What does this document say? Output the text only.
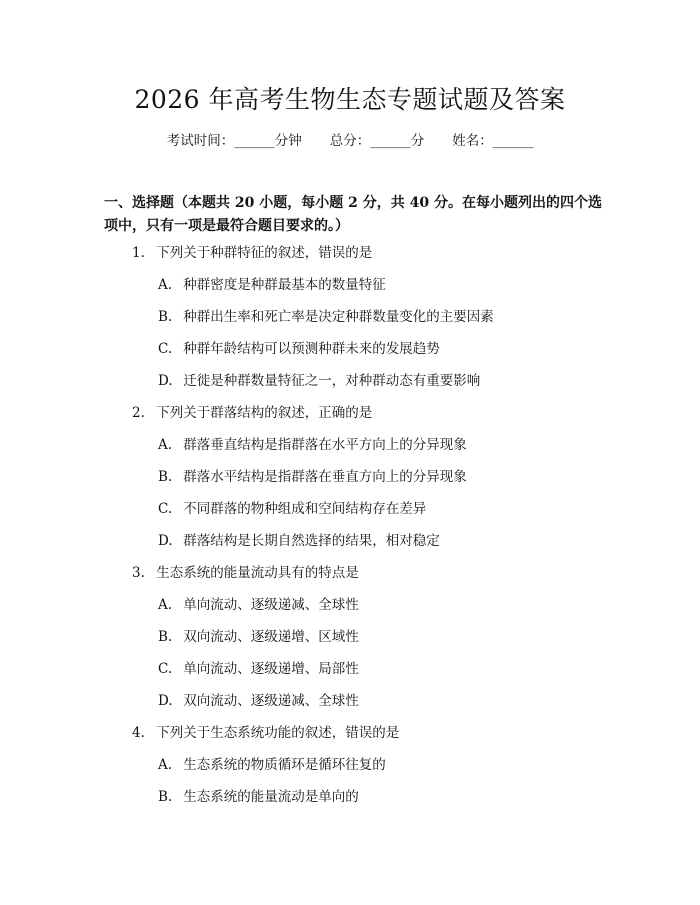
2026 年高考生物生态专题试题及答案
考试时间：______分钟 总分：______分 姓名：______
一、选择题（本题共 20 小题，每小题 2 分，共 40 分。在每小题列出的四个选项中，只有一项是最符合题目要求的。）
1. 下列关于种群特征的叙述，错误的是
A. 种群密度是种群最基本的数量特征
B. 种群出生率和死亡率是决定种群数量变化的主要因素
C. 种群年龄结构可以预测种群未来的发展趋势
D. 迁徙是种群数量特征之一，对种群动态有重要影响
2. 下列关于群落结构的叙述，正确的是
A. 群落垂直结构是指群落在水平方向上的分异现象
B. 群落水平结构是指群落在垂直方向上的分异现象
C. 不同群落的物种组成和空间结构存在差异
D. 群落结构是长期自然选择的结果，相对稳定
3. 生态系统的能量流动具有的特点是
A. 单向流动、逐级递减、全球性
B. 双向流动、逐级递增、区域性
C. 单向流动、逐级递增、局部性
D. 双向流动、逐级递减、全球性
4. 下列关于生态系统功能的叙述，错误的是
A. 生态系统的物质循环是循环往复的
B. 生态系统的能量流动是单向的
